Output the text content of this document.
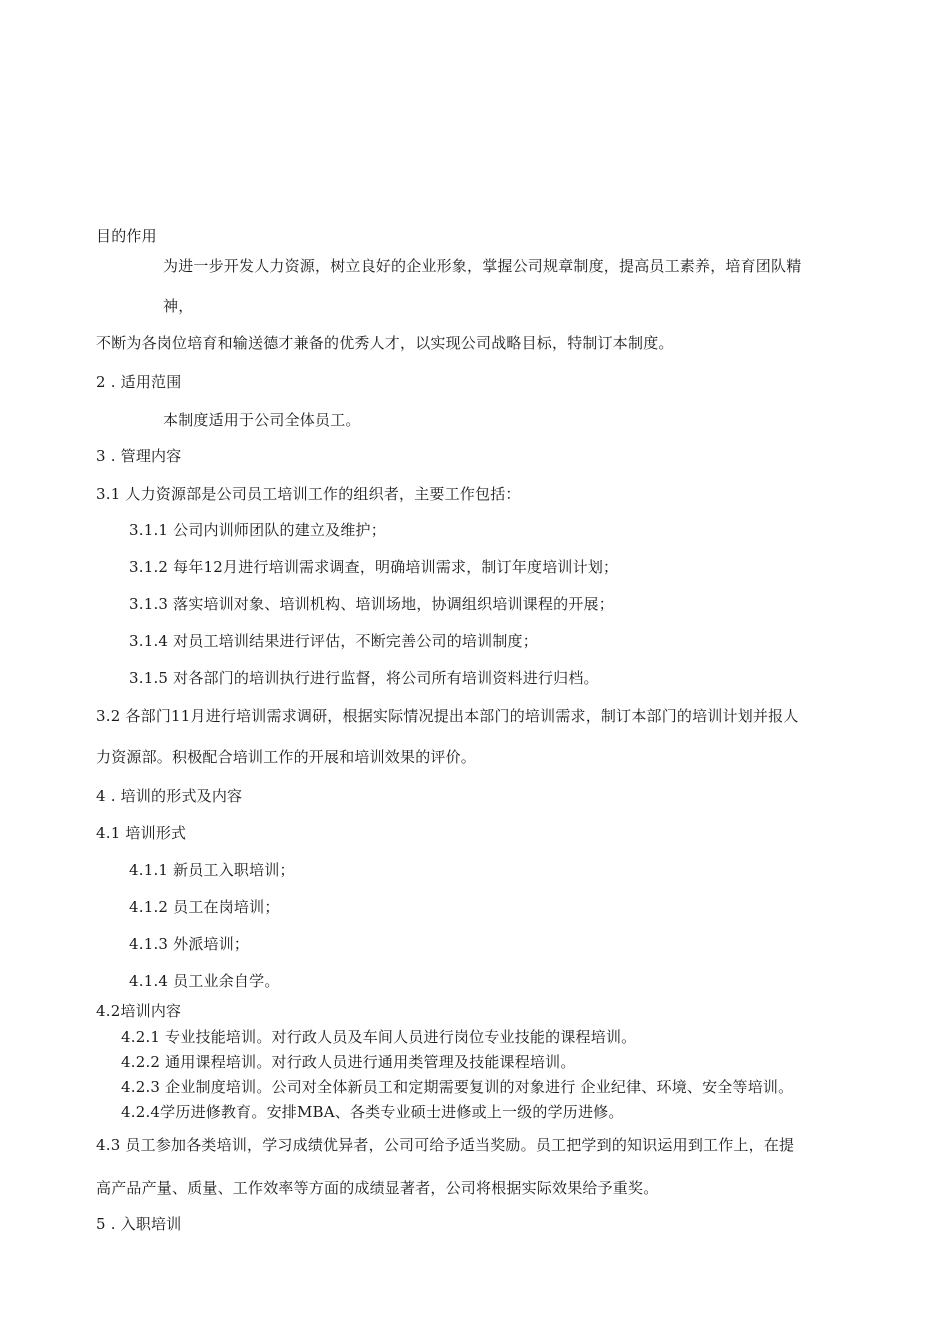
目的作用
为进一步开发人力资源，树立良好的企业形象，掌握公司规章制度，提高员工素养，培育团队精
神，
不断为各岗位培育和输送德才兼备的优秀人才，以实现公司战略目标，特制订本制度。
2 . 适用范围
本制度适用于公司全体员工。
3 . 管理内容
3.1 人力资源部是公司员工培训工作的组织者，主要工作包括：
3.1.1 公司内训师团队的建立及维护；
3.1.2 每年12月进行培训需求调查，明确培训需求，制订年度培训计划；
3.1.3 落实培训对象、培训机构、培训场地，协调组织培训课程的开展；
3.1.4 对员工培训结果进行评估，不断完善公司的培训制度；
3.1.5 对各部门的培训执行进行监督，将公司所有培训资料进行归档。
3.2 各部门11月进行培训需求调研，根据实际情况提出本部门的培训需求，制订本部门的培训计划并报人
力资源部。积极配合培训工作的开展和培训效果的评价。
4 . 培训的形式及内容
4.1 培训形式
4.1.1 新员工入职培训；
4.1.2 员工在岗培训；
4.1.3 外派培训；
4.1.4 员工业余自学。
4.2培训内容
4.2.1 专业技能培训。对行政人员及车间人员进行岗位专业技能的课程培训。
4.2.2 通用课程培训。对行政人员进行通用类管理及技能课程培训。
4.2.3 企业制度培训。公司对全体新员工和定期需要复训的对象进行 企业纪律、环境、安全等培训。
4.2.4学历进修教育。安排MBA、各类专业硕士进修或上一级的学历进修。
4.3 员工参加各类培训，学习成绩优异者，公司可给予适当奖励。员工把学到的知识运用到工作上，在提
高产品产量、质量、工作效率等方面的成绩显著者，公司将根据实际效果给予重奖。
5 . 入职培训
